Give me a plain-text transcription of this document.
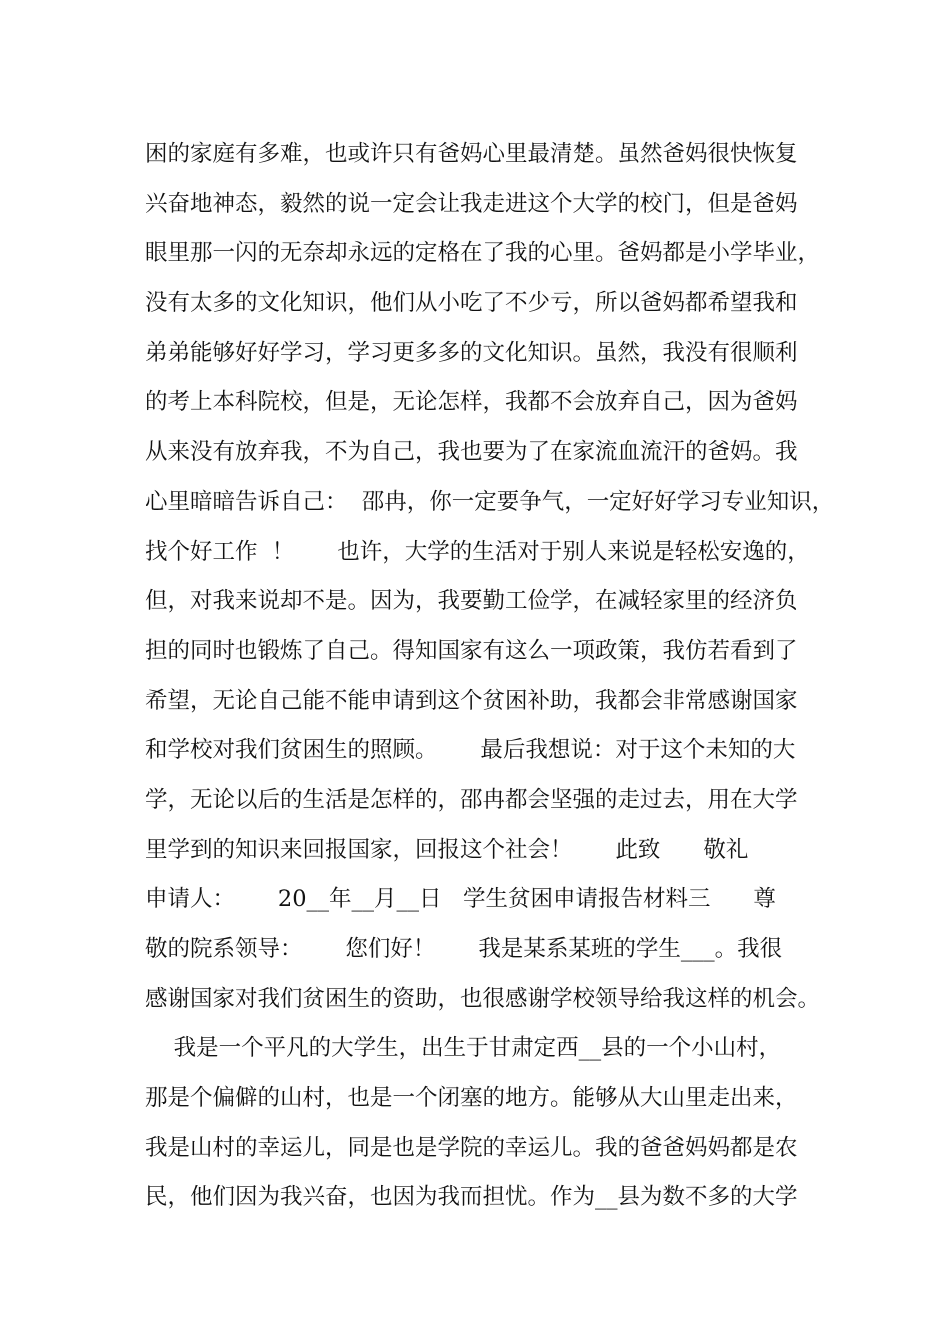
困的家庭有多难，也或许只有爸妈心里最清楚。虽然爸妈很快恢复
兴奋地神态，毅然的说一定会让我走进这个大学的校门，但是爸妈
眼里那一闪的无奈却永远的定格在了我的心里。爸妈都是小学毕业，
没有太多的文化知识，他们从小吃了不少亏，所以爸妈都希望我和
弟弟能够好好学习，学习更多多的文化知识。虽然，我没有很顺利
的考上本科院校，但是，无论怎样，我都不会放弃自己，因为爸妈
从来没有放弃我，不为自己，我也要为了在家流血流汗的爸妈。我
心里暗暗告诉自己：  邵冉，你一定要争气，一定好好学习专业知识，
找个好工作  ！      也许，大学的生活对于别人来说是轻松安逸的，
但，对我来说却不是。因为，我要勤工俭学，在减轻家里的经济负
担的同时也锻炼了自己。得知国家有这么一项政策，我仿若看到了
希望，无论自己能不能申请到这个贫困补助，我都会非常感谢国家
和学校对我们贫困生的照顾。      最后我想说：对于这个未知的大
学，无论以后的生活是怎样的，邵冉都会坚强的走过去，用在大学
里学到的知识来回报国家，回报这个社会！      此致      敬礼
申请人：      20__年__月__日   学生贫困申请报告材料三      尊
敬的院系领导：      您们好！      我是某系某班的学生___。我很
感谢国家对我们贫困生的资助，也很感谢学校领导给我这样的机会。
我是一个平凡的大学生，出生于甘肃定西__县的一个小山村，
那是个偏僻的山村，也是一个闭塞的地方。能够从大山里走出来，
我是山村的幸运儿，同是也是学院的幸运儿。我的爸爸妈妈都是农
民，他们因为我兴奋，也因为我而担忧。作为__县为数不多的大学
